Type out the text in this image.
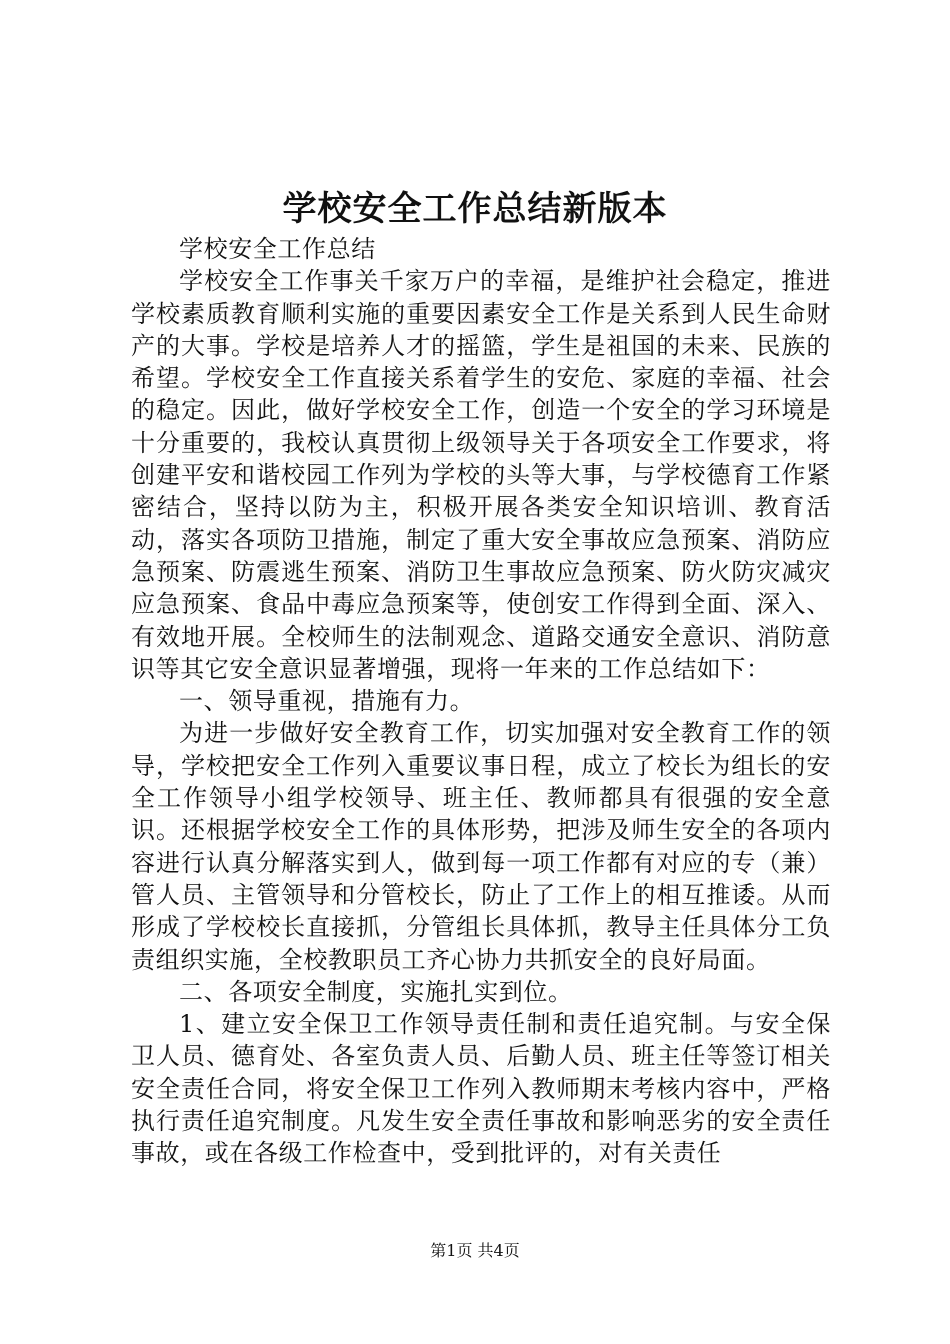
学校安全工作总结新版本

学校安全工作总结

学校安全工作事关千家万户的幸福，是维护社会稳定，推进学校素质教育顺利实施的重要因素安全工作是关系到人民生命财产的大事。学校是培养人才的摇篮，学生是祖国的未来、民族的希望。学校安全工作直接关系着学生的安危、家庭的幸福、社会的稳定。因此，做好学校安全工作，创造一个安全的学习环境是十分重要的，我校认真贯彻上级领导关于各项安全工作要求，将创建平安和谐校园工作列为学校的头等大事，与学校德育工作紧密结合，坚持以防为主，积极开展各类安全知识培训、教育活动，落实各项防卫措施，制定了重大安全事故应急预案、消防应急预案、防震逃生预案、消防卫生事故应急预案、防火防灾减灾应急预案、食品中毒应急预案等，使创安工作得到全面、深入、有效地开展。全校师生的法制观念、道路交通安全意识、消防意识等其它安全意识显著增强，现将一年来的工作总结如下：

一、领导重视，措施有力。

为进一步做好安全教育工作，切实加强对安全教育工作的领导，学校把安全工作列入重要议事日程，成立了校长为组长的安全工作领导小组学校领导、班主任、教师都具有很强的安全意识。还根据学校安全工作的具体形势，把涉及师生安全的各项内容进行认真分解落实到人，做到每一项工作都有对应的专（兼）管人员、主管领导和分管校长，防止了工作上的相互推诿。从而形成了学校校长直接抓，分管组长具体抓，教导主任具体分工负责组织实施，全校教职员工齐心协力共抓安全的良好局面。

二、各项安全制度，实施扎实到位。

1、建立安全保卫工作领导责任制和责任追究制。与安全保卫人员、德育处、各室负责人员、后勤人员、班主任等签订相关安全责任合同，将安全保卫工作列入教师期末考核内容中，严格执行责任追究制度。凡发生安全责任事故和影响恶劣的安全责任事故，或在各级工作检查中，受到批评的，对有关责任

第1页 共4页
